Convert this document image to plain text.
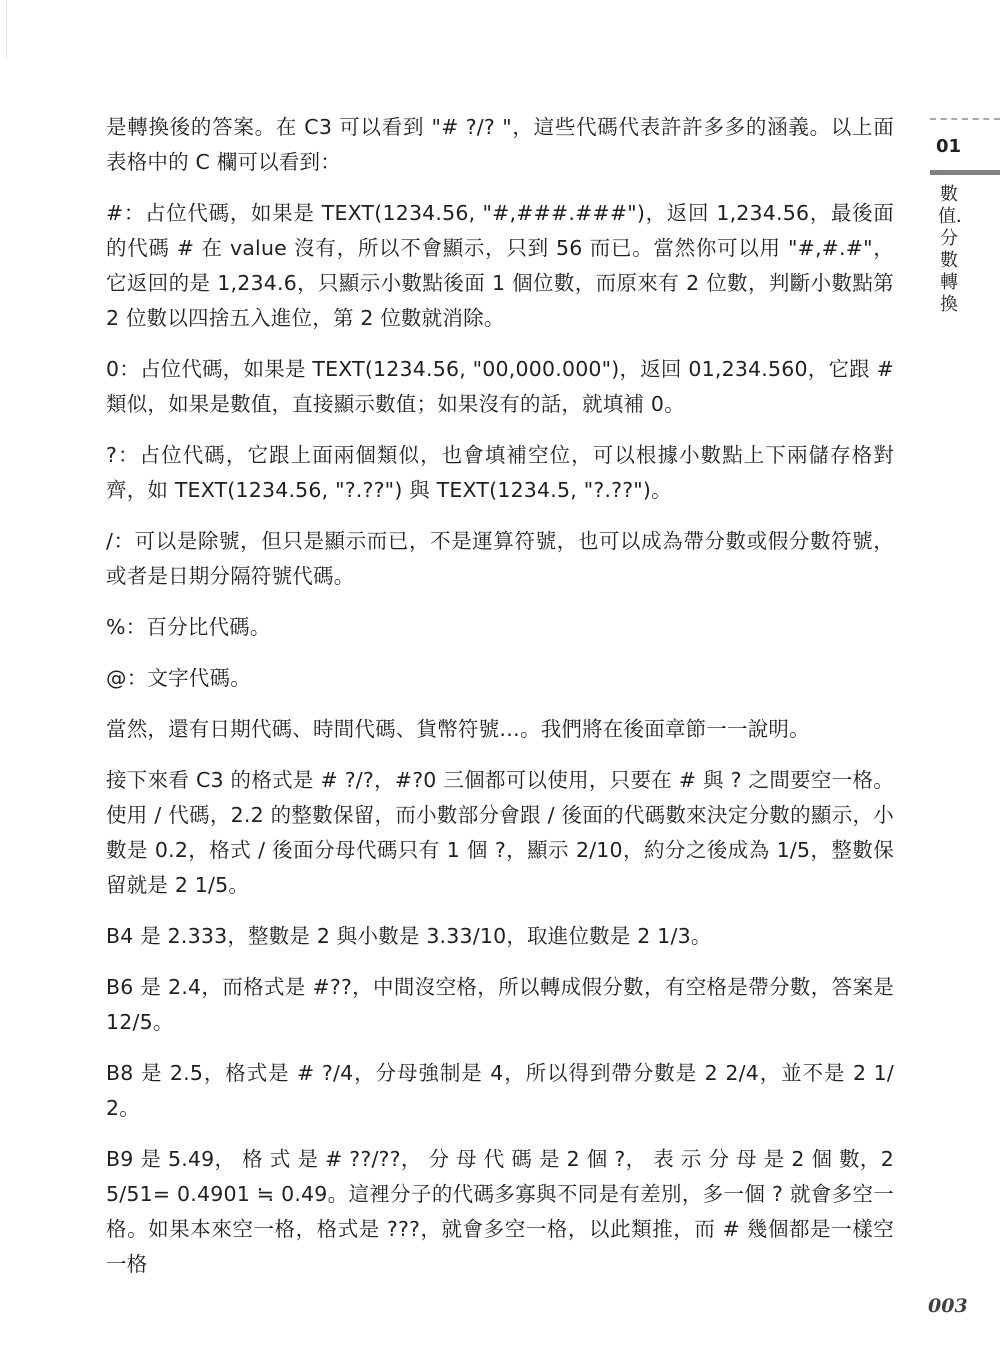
是轉換後的答案。在 C3 可以看到 "# ?/? "，這些代碼代表許許多多的涵義。以上面表格中的 C 欄可以看到：

#：占位代碼，如果是 TEXT(1234.56, "#,###.###")，返回 1,234.56，最後面的代碼 # 在 value 沒有，所以不會顯示，只到 56 而已。當然你可以用 "#,#.#"，它返回的是 1,234.6，只顯示小數點後面 1 個位數，而原來有 2 位數，判斷小數點第 2 位數以四捨五入進位，第 2 位數就消除。

0：占位代碼，如果是 TEXT(1234.56, "00,000.000")，返回 01,234.560，它跟 # 類似，如果是數值，直接顯示數值；如果沒有的話，就填補 0。

?：占位代碼，它跟上面兩個類似，也會填補空位，可以根據小數點上下兩儲存格對齊，如 TEXT(1234.56, "?.??") 與 TEXT(1234.5, "?.??")。

/：可以是除號，但只是顯示而已，不是運算符號，也可以成為帶分數或假分數符號，或者是日期分隔符號代碼。

%：百分比代碼。

@：文字代碼。

當然，還有日期代碼、時間代碼、貨幣符號…。我們將在後面章節一一說明。

接下來看 C3 的格式是 # ?/?，#?0 三個都可以使用，只要在 # 與 ? 之間要空一格。使用 / 代碼，2.2 的整數保留，而小數部分會跟 / 後面的代碼數來決定分數的顯示，小數是 0.2，格式 / 後面分母代碼只有 1 個 ?，顯示 2/10，約分之後成為 1/5，整數保留就是 2 1/5。

B4 是 2.333，整數是 2 與小數是 3.33/10，取進位數是 2 1/3。

B6 是 2.4，而格式是 #??，中間沒空格，所以轉成假分數，有空格是帶分數，答案是 12/5。

B8 是 2.5，格式是 # ?/4，分母強制是 4，所以得到帶分數是 2 2/4，並不是 2 1/2。

B9 是 5.49， 格 式 是 # ??/??， 分 母 代 碼 是 2 個 ?， 表 示 分 母 是 2 個 數，25/51= 0.4901 ≒ 0.49。這裡分子的代碼多寡與不同是有差別，多一個 ? 就會多空一格。如果本來空一格，格式是 ???，就會多空一格，以此類推，而 # 幾個都是一樣空一格

01
數值．分數轉換
003
